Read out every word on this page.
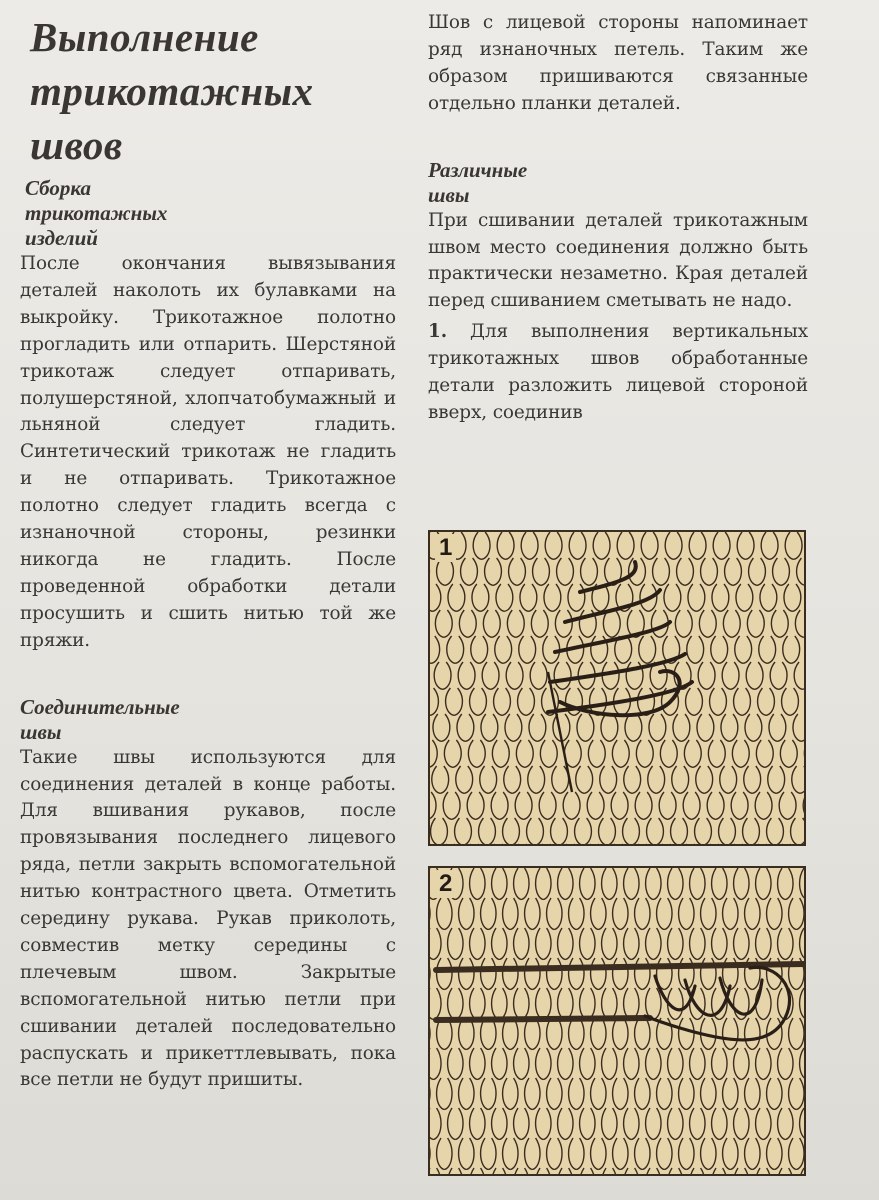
Выполнение
трикотажных
швов
Сборка
трикотажных
изделий

После окончания вывязывания деталей наколоть их булавками на выкройку. Трикотажное полотно прогладить или отпарить. Шерстяной трикотаж следует отпаривать, полушерстяной, хлопчатобумажный и льняной следует гладить. Синтетический трикотаж не гладить и не отпаривать. Трикотажное полотно следует гладить всегда с изнаночной стороны, резинки никогда не гладить. После проведенной обработки детали просушить и сшить нитью той же пряжи.

Соединительные
швы

Такие швы используются для соединения деталей в конце работы. Для вшивания рукавов, после провязывания последнего лицевого ряда, петли закрыть вспомогательной нитью контрастного цвета. Отметить середину рукава. Рукав приколоть, совместив метку середины с плечевым швом. Закрытые вспомогательной нитью петли при сшивании деталей последовательно распускать и прикеттлевывать, пока все петли не будут пришиты.

Шов с лицевой стороны напоминает ряд изнаночных петель. Таким же образом пришиваются связанные отдельно планки деталей.

Различные
швы

При сшивании деталей трикотажным швом место соединения должно быть практически незаметно. Края деталей перед сшиванием сметывать не надо.

1. Для выполнения вертикальных трикотажных швов обработанные детали разложить лицевой стороной вверх, соединив

1
2
